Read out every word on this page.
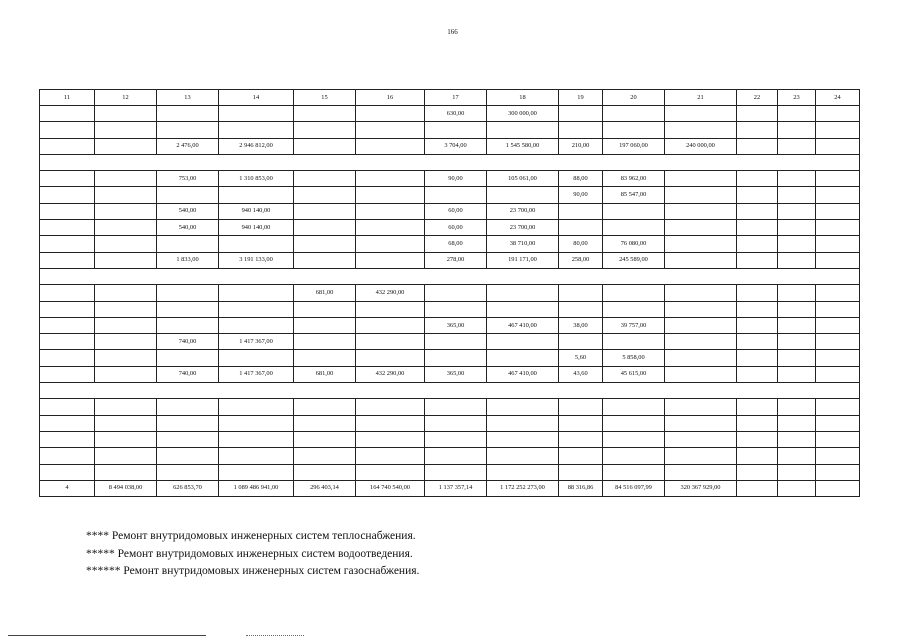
166
11	12	13	14	15	16	17	18	19	20	21	22	23	24
						630,00	300 000,00						

		2 476,00	2 946 812,00			3 704,00	1 545 580,00	210,00	197 060,00	240 000,00			

		753,00	1 310 853,00			90,00	105 061,00	88,00	83 962,00				
								90,00	85 547,00				
		540,00	940 140,00			60,00	23 700,00						
		540,00	940 140,00			60,00	23 700,00						
						68,00	38 710,00	80,00	76 080,00				
		1 833,00	3 191 133,00			278,00	191 171,00	258,00	245 589,00				

				681,00	432 290,00								

						365,00	467 410,00	38,00	39 757,00				
		740,00	1 417 367,00										
								5,60	5 858,00				
		740,00	1 417 367,00	681,00	432 290,00	365,00	467 410,00	43,60	45 615,00				

4	8 494 038,00	626 853,70	1 089 486 941,00	296 403,14	164 740 540,00	1 137 357,14	1 172 252 273,00	88 316,86	84 516 097,99	320 367 929,00			
**** Ремонт внутридомовых инженерных систем теплоснабжения.
***** Ремонт внутридомовых инженерных систем водоотведения.
****** Ремонт внутридомовых инженерных систем газоснабжения.
